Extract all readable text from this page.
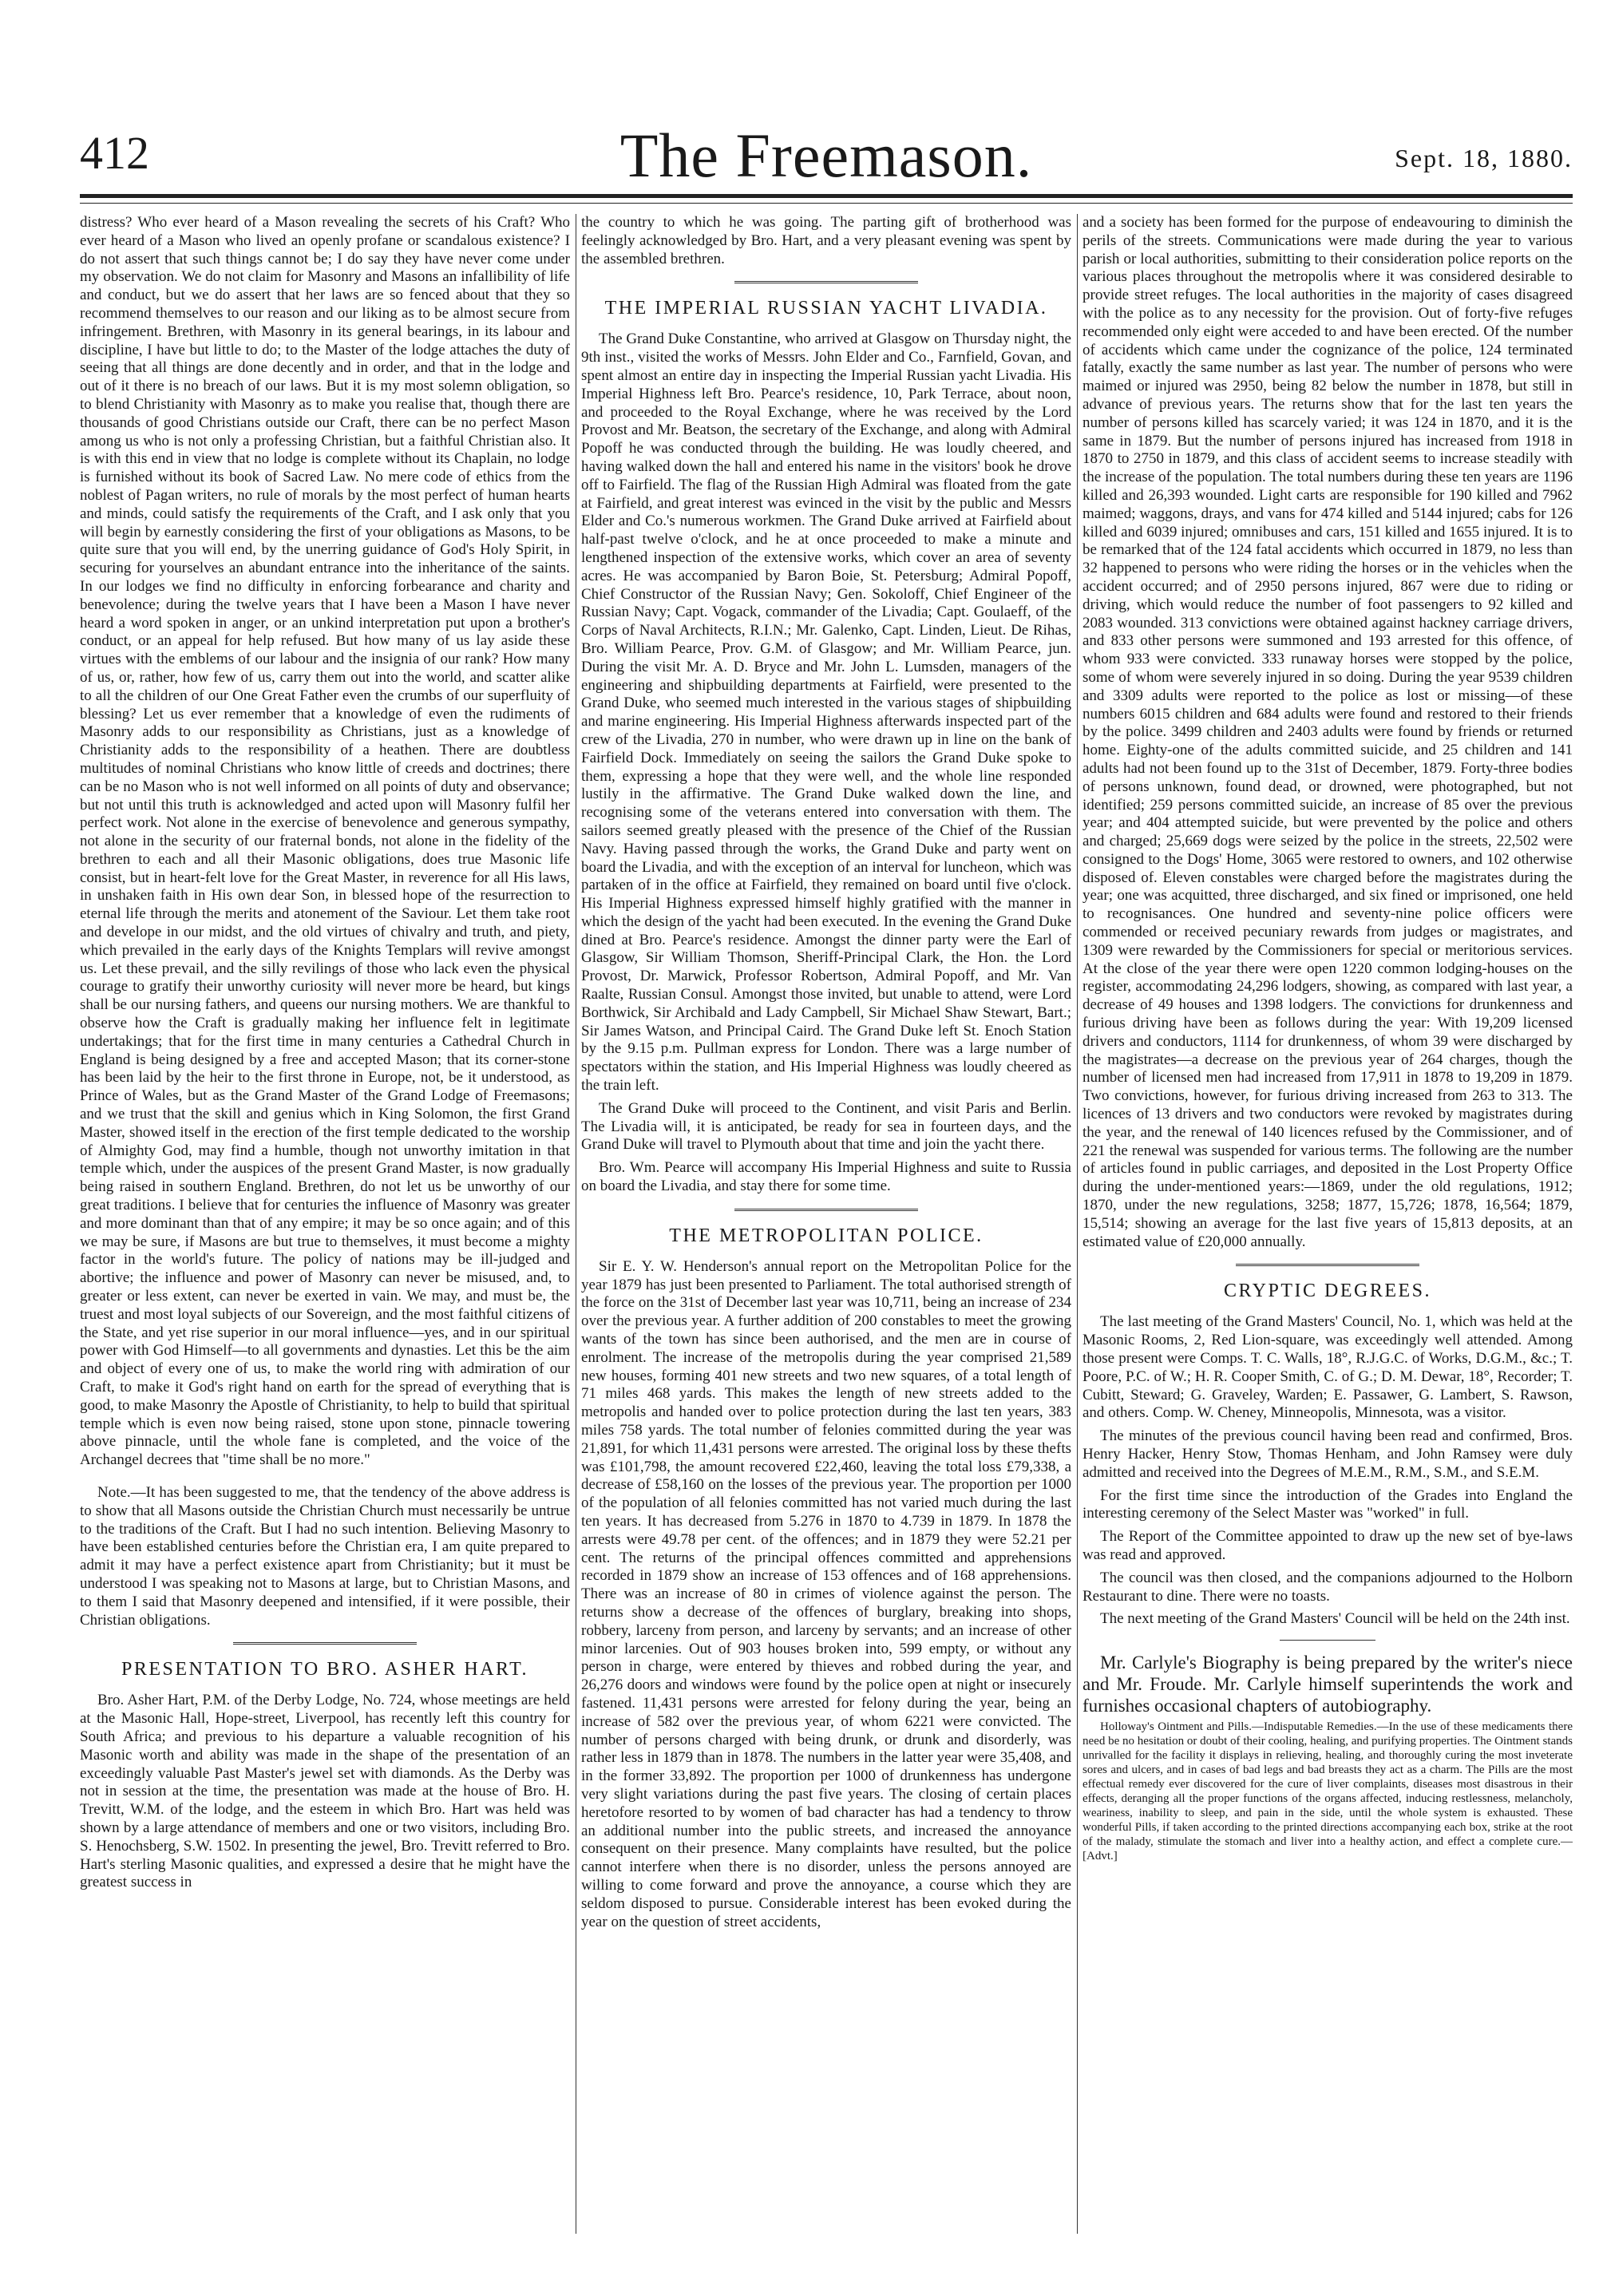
412	The Freemason.	Sept. 18, 1880.

distress? Who ever heard of a Mason revealing the secrets of his Craft? Who ever heard of a Mason who lived an openly profane or scandalous existence? I do not assert that such things cannot be; I do say they have never come under my observation. We do not claim for Masonry and Masons an infallibility of life and conduct, but we do assert that her laws are so fenced about that they so recommend themselves to our reason and our liking as to be almost secure from infringement. Brethren, with Masonry in its general bearings, in its labour and discipline, I have but little to do; to the Master of the lodge attaches the duty of seeing that all things are done decently and in order, and that in the lodge and out of it there is no breach of our laws. But it is my most solemn obligation, so to blend Christianity with Masonry as to make you realise that, though there are thousands of good Christians outside our Craft, there can be no perfect Mason among us who is not only a professing Christian, but a faithful Christian also. It is with this end in view that no lodge is complete without its Chaplain, no lodge is furnished without its book of Sacred Law. No mere code of ethics from the noblest of Pagan writers, no rule of morals by the most perfect of human hearts and minds, could satisfy the requirements of the Craft, and I ask only that you will begin by earnestly considering the first of your obligations as Masons, to be quite sure that you will end, by the unerring guidance of God's Holy Spirit, in securing for yourselves an abundant entrance into the inheritance of the saints. In our lodges we find no difficulty in enforcing forbearance and charity and benevolence; during the twelve years that I have been a Mason I have never heard a word spoken in anger, or an unkind interpretation put upon a brother's conduct, or an appeal for help refused. But how many of us lay aside these virtues with the emblems of our labour and the insignia of our rank? How many of us, or, rather, how few of us, carry them out into the world, and scatter alike to all the children of our One Great Father even the crumbs of our superfluity of blessing? Let us ever remember that a knowledge of even the rudiments of Masonry adds to our responsibility as Christians, just as a knowledge of Christianity adds to the responsibility of a heathen. There are doubtless multitudes of nominal Christians who know little of creeds and doctrines; there can be no Mason who is not well informed on all points of duty and observance; but not until this truth is acknowledged and acted upon will Masonry fulfil her perfect work. Not alone in the exercise of benevolence and generous sympathy, not alone in the security of our fraternal bonds, not alone in the fidelity of the brethren to each and all their Masonic obligations, does true Masonic life consist, but in heart-felt love for the Great Master, in reverence for all His laws, in unshaken faith in His own dear Son, in blessed hope of the resurrection to eternal life through the merits and atonement of the Saviour. Let them take root and develope in our midst, and the old virtues of chivalry and truth, and piety, which prevailed in the early days of the Knights Templars will revive amongst us. Let these prevail, and the silly revilings of those who lack even the physical courage to gratify their unworthy curiosity will never more be heard, but kings shall be our nursing fathers, and queens our nursing mothers. We are thankful to observe how the Craft is gradually making her influence felt in legitimate undertakings; that for the first time in many centuries a Cathedral Church in England is being designed by a free and accepted Mason; that its corner-stone has been laid by the heir to the first throne in Europe, not, be it understood, as Prince of Wales, but as the Grand Master of the Grand Lodge of Freemasons; and we trust that the skill and genius which in King Solomon, the first Grand Master, showed itself in the erection of the first temple dedicated to the worship of Almighty God, may find a humble, though not unworthy imitation in that temple which, under the auspices of the present Grand Master, is now gradually being raised in southern England. Brethren, do not let us be unworthy of our great traditions. I believe that for centuries the influence of Masonry was greater and more dominant than that of any empire; it may be so once again; and of this we may be sure, if Masons are but true to themselves, it must become a mighty factor in the world's future. The policy of nations may be ill-judged and abortive; the influence and power of Masonry can never be misused, and, to greater or less extent, can never be exerted in vain. We may, and must be, the truest and most loyal subjects of our Sovereign, and the most faithful citizens of the State, and yet rise superior in our moral influence—yes, and in our spiritual power with God Himself—to all governments and dynasties. Let this be the aim and object of every one of us, to make the world ring with admiration of our Craft, to make it God's right hand on earth for the spread of everything that is good, to make Masonry the Apostle of Christianity, to help to build that spiritual temple which is even now being raised, stone upon stone, pinnacle towering above pinnacle, until the whole fane is completed, and the voice of the Archangel decrees that "time shall be no more."

Note.—It has been suggested to me, that the tendency of the above address is to show that all Masons outside the Christian Church must necessarily be untrue to the traditions of the Craft. But I had no such intention. Believing Masonry to have been established centuries before the Christian era, I am quite prepared to admit it may have a perfect existence apart from Christianity; but it must be understood I was speaking not to Masons at large, but to Christian Masons, and to them I said that Masonry deepened and intensified, if it were possible, their Christian obligations.

PRESENTATION TO BRO. ASHER HART.

Bro. Asher Hart, P.M. of the Derby Lodge, No. 724, whose meetings are held at the Masonic Hall, Hope-street, Liverpool, has recently left this country for South Africa; and previous to his departure a valuable recognition of his Masonic worth and ability was made in the shape of the presentation of an exceedingly valuable Past Master's jewel set with diamonds. As the Derby was not in session at the time, the presentation was made at the house of Bro. H. Trevitt, W.M. of the lodge, and the esteem in which Bro. Hart was held was shown by a large attendance of members and one or two visitors, including Bro. S. Henochsberg, S.W. 1502. In presenting the jewel, Bro. Trevitt referred to Bro. Hart's sterling Masonic qualities, and expressed a desire that he might have the greatest success in

the country to which he was going. The parting gift of brotherhood was feelingly acknowledged by Bro. Hart, and a very pleasant evening was spent by the assembled brethren.

THE IMPERIAL RUSSIAN YACHT LIVADIA.

The Grand Duke Constantine, who arrived at Glasgow on Thursday night, the 9th inst., visited the works of Messrs. John Elder and Co., Farnfield, Govan, and spent almost an entire day in inspecting the Imperial Russian yacht Livadia. His Imperial Highness left Bro. Pearce's residence, 10, Park Terrace, about noon, and proceeded to the Royal Exchange, where he was received by the Lord Provost and Mr. Beatson, the secretary of the Exchange, and along with Admiral Popoff he was conducted through the building. He was loudly cheered, and having walked down the hall and entered his name in the visitors' book he drove off to Fairfield. The flag of the Russian High Admiral was floated from the gate at Fairfield, and great interest was evinced in the visit by the public and Messrs Elder and Co.'s numerous workmen. The Grand Duke arrived at Fairfield about half-past twelve o'clock, and he at once proceeded to make a minute and lengthened inspection of the extensive works, which cover an area of seventy acres. He was accompanied by Baron Boie, St. Petersburg; Admiral Popoff, Chief Constructor of the Russian Navy; Gen. Sokoloff, Chief Engineer of the Russian Navy; Capt. Vogack, commander of the Livadia; Capt. Goulaeff, of the Corps of Naval Architects, R.I.N.; Mr. Galenko, Capt. Linden, Lieut. De Rihas, Bro. William Pearce, Prov. G.M. of Glasgow; and Mr. William Pearce, jun. During the visit Mr. A. D. Bryce and Mr. John L. Lumsden, managers of the engineering and shipbuilding departments at Fairfield, were presented to the Grand Duke, who seemed much interested in the various stages of shipbuilding and marine engineering. His Imperial Highness afterwards inspected part of the crew of the Livadia, 270 in number, who were drawn up in line on the bank of Fairfield Dock. Immediately on seeing the sailors the Grand Duke spoke to them, expressing a hope that they were well, and the whole line responded lustily in the affirmative. The Grand Duke walked down the line, and recognising some of the veterans entered into conversation with them. The sailors seemed greatly pleased with the presence of the Chief of the Russian Navy. Having passed through the works, the Grand Duke and party went on board the Livadia, and with the exception of an interval for luncheon, which was partaken of in the office at Fairfield, they remained on board until five o'clock. His Imperial Highness expressed himself highly gratified with the manner in which the design of the yacht had been executed. In the evening the Grand Duke dined at Bro. Pearce's residence. Amongst the dinner party were the Earl of Glasgow, Sir William Thomson, Sheriff-Principal Clark, the Hon. the Lord Provost, Dr. Marwick, Professor Robertson, Admiral Popoff, and Mr. Van Raalte, Russian Consul. Amongst those invited, but unable to attend, were Lord Borthwick, Sir Archibald and Lady Campbell, Sir Michael Shaw Stewart, Bart.; Sir James Watson, and Principal Caird. The Grand Duke left St. Enoch Station by the 9.15 p.m. Pullman express for London. There was a large number of spectators within the station, and His Imperial Highness was loudly cheered as the train left.

The Grand Duke will proceed to the Continent, and visit Paris and Berlin. The Livadia will, it is anticipated, be ready for sea in fourteen days, and the Grand Duke will travel to Plymouth about that time and join the yacht there.

Bro. Wm. Pearce will accompany His Imperial Highness and suite to Russia on board the Livadia, and stay there for some time.

THE METROPOLITAN POLICE.

Sir E. Y. W. Henderson's annual report on the Metropolitan Police for the year 1879 has just been presented to Parliament. The total authorised strength of the force on the 31st of December last year was 10,711, being an increase of 234 over the previous year. A further addition of 200 constables to meet the growing wants of the town has since been authorised, and the men are in course of enrolment. The increase of the metropolis during the year comprised 21,589 new houses, forming 401 new streets and two new squares, of a total length of 71 miles 468 yards. This makes the length of new streets added to the metropolis and handed over to police protection during the last ten years, 383 miles 758 yards. The total number of felonies committed during the year was 21,891, for which 11,431 persons were arrested. The original loss by these thefts was £101,798, the amount recovered £22,460, leaving the total loss £79,338, a decrease of £58,160 on the losses of the previous year. The proportion per 1000 of the population of all felonies committed has not varied much during the last ten years. It has decreased from 5.276 in 1870 to 4.739 in 1879. In 1878 the arrests were 49.78 per cent. of the offences; and in 1879 they were 52.21 per cent. The returns of the principal offences committed and apprehensions recorded in 1879 show an increase of 153 offences and of 168 apprehensions. There was an increase of 80 in crimes of violence against the person. The returns show a decrease of the offences of burglary, breaking into shops, robbery, larceny from person, and larceny by servants; and an increase of other minor larcenies. Out of 903 houses broken into, 599 empty, or without any person in charge, were entered by thieves and robbed during the year, and 26,276 doors and windows were found by the police open at night or insecurely fastened. 11,431 persons were arrested for felony during the year, being an increase of 582 over the previous year, of whom 6221 were convicted. The number of persons charged with being drunk, or drunk and disorderly, was rather less in 1879 than in 1878. The numbers in the latter year were 35,408, and in the former 33,892. The proportion per 1000 of drunkenness has undergone very slight variations during the past five years. The closing of certain places heretofore resorted to by women of bad character has had a tendency to throw an additional number into the public streets, and increased the annoyance consequent on their presence. Many complaints have resulted, but the police cannot interfere when there is no disorder, unless the persons annoyed are willing to come forward and prove the annoyance, a course which they are seldom disposed to pursue. Considerable interest has been evoked during the year on the question of street accidents,

and a society has been formed for the purpose of endeavouring to diminish the perils of the streets. Communications were made during the year to various parish or local authorities, submitting to their consideration police reports on the various places throughout the metropolis where it was considered desirable to provide street refuges. The local authorities in the majority of cases disagreed with the police as to any necessity for the provision. Out of forty-five refuges recommended only eight were acceded to and have been erected. Of the number of accidents which came under the cognizance of the police, 124 terminated fatally, exactly the same number as last year. The number of persons who were maimed or injured was 2950, being 82 below the number in 1878, but still in advance of previous years. The returns show that for the last ten years the number of persons killed has scarcely varied; it was 124 in 1870, and it is the same in 1879. But the number of persons injured has increased from 1918 in 1870 to 2750 in 1879, and this class of accident seems to increase steadily with the increase of the population. The total numbers during these ten years are 1196 killed and 26,393 wounded. Light carts are responsible for 190 killed and 7962 maimed; waggons, drays, and vans for 474 killed and 5144 injured; cabs for 126 killed and 6039 injured; omnibuses and cars, 151 killed and 1655 injured. It is to be remarked that of the 124 fatal accidents which occurred in 1879, no less than 32 happened to persons who were riding the horses or in the vehicles when the accident occurred; and of 2950 persons injured, 867 were due to riding or driving, which would reduce the number of foot passengers to 92 killed and 2083 wounded. 313 convictions were obtained against hackney carriage drivers, and 833 other persons were summoned and 193 arrested for this offence, of whom 933 were convicted. 333 runaway horses were stopped by the police, some of whom were severely injured in so doing. During the year 9539 children and 3309 adults were reported to the police as lost or missing—of these numbers 6015 children and 684 adults were found and restored to their friends by the police. 3499 children and 2403 adults were found by friends or returned home. Eighty-one of the adults committed suicide, and 25 children and 141 adults had not been found up to the 31st of December, 1879. Forty-three bodies of persons unknown, found dead, or drowned, were photographed, but not identified; 259 persons committed suicide, an increase of 85 over the previous year; and 404 attempted suicide, but were prevented by the police and others and charged; 25,669 dogs were seized by the police in the streets, 22,502 were consigned to the Dogs' Home, 3065 were restored to owners, and 102 otherwise disposed of. Eleven constables were charged before the magistrates during the year; one was acquitted, three discharged, and six fined or imprisoned, one held to recognisances. One hundred and seventy-nine police officers were commended or received pecuniary rewards from judges or magistrates, and 1309 were rewarded by the Commissioners for special or meritorious services. At the close of the year there were open 1220 common lodging-houses on the register, accommodating 24,296 lodgers, showing, as compared with last year, a decrease of 49 houses and 1398 lodgers. The convictions for drunkenness and furious driving have been as follows during the year: With 19,209 licensed drivers and conductors, 1114 for drunkenness, of whom 39 were discharged by the magistrates—a decrease on the previous year of 264 charges, though the number of licensed men had increased from 17,911 in 1878 to 19,209 in 1879. Two convictions, however, for furious driving increased from 263 to 313. The licences of 13 drivers and two conductors were revoked by magistrates during the year, and the renewal of 140 licences refused by the Commissioner, and of 221 the renewal was suspended for various terms. The following are the number of articles found in public carriages, and deposited in the Lost Property Office during the under-mentioned years:—1869, under the old regulations, 1912; 1870, under the new regulations, 3258; 1877, 15,726; 1878, 16,564; 1879, 15,514; showing an average for the last five years of 15,813 deposits, at an estimated value of £20,000 annually.

CRYPTIC DEGREES.

The last meeting of the Grand Masters' Council, No. 1, which was held at the Masonic Rooms, 2, Red Lion-square, was exceedingly well attended. Among those present were Comps. T. C. Walls, 18°, R.J.G.C. of Works, D.G.M., &c.; T. Poore, P.C. of W.; H. R. Cooper Smith, C. of G.; D. M. Dewar, 18°, Recorder; T. Cubitt, Steward; G. Graveley, Warden; E. Passawer, G. Lambert, S. Rawson, and others. Comp. W. Cheney, Minneopolis, Minnesota, was a visitor.

The minutes of the previous council having been read and confirmed, Bros. Henry Hacker, Henry Stow, Thomas Henham, and John Ramsey were duly admitted and received into the Degrees of M.E.M., R.M., S.M., and S.E.M.

For the first time since the introduction of the Grades into England the interesting ceremony of the Select Master was "worked" in full.

The Report of the Committee appointed to draw up the new set of bye-laws was read and approved.

The council was then closed, and the companions adjourned to the Holborn Restaurant to dine. There were no toasts.

The next meeting of the Grand Masters' Council will be held on the 24th inst.

Mr. Carlyle's Biography is being prepared by the writer's niece and Mr. Froude. Mr. Carlyle himself superintends the work and furnishes occasional chapters of autobiography.

Holloway's Ointment and Pills.—Indisputable Remedies.—In the use of these medicaments there need be no hesitation or doubt of their cooling, healing, and purifying properties. The Ointment stands unrivalled for the facility it displays in relieving, healing, and thoroughly curing the most inveterate sores and ulcers, and in cases of bad legs and bad breasts they act as a charm. The Pills are the most effectual remedy ever discovered for the cure of liver complaints, diseases most disastrous in their effects, deranging all the proper functions of the organs affected, inducing restlessness, melancholy, weariness, inability to sleep, and pain in the side, until the whole system is exhausted. These wonderful Pills, if taken according to the printed directions accompanying each box, strike at the root of the malady, stimulate the stomach and liver into a healthy action, and effect a complete cure.—[Advt.]
